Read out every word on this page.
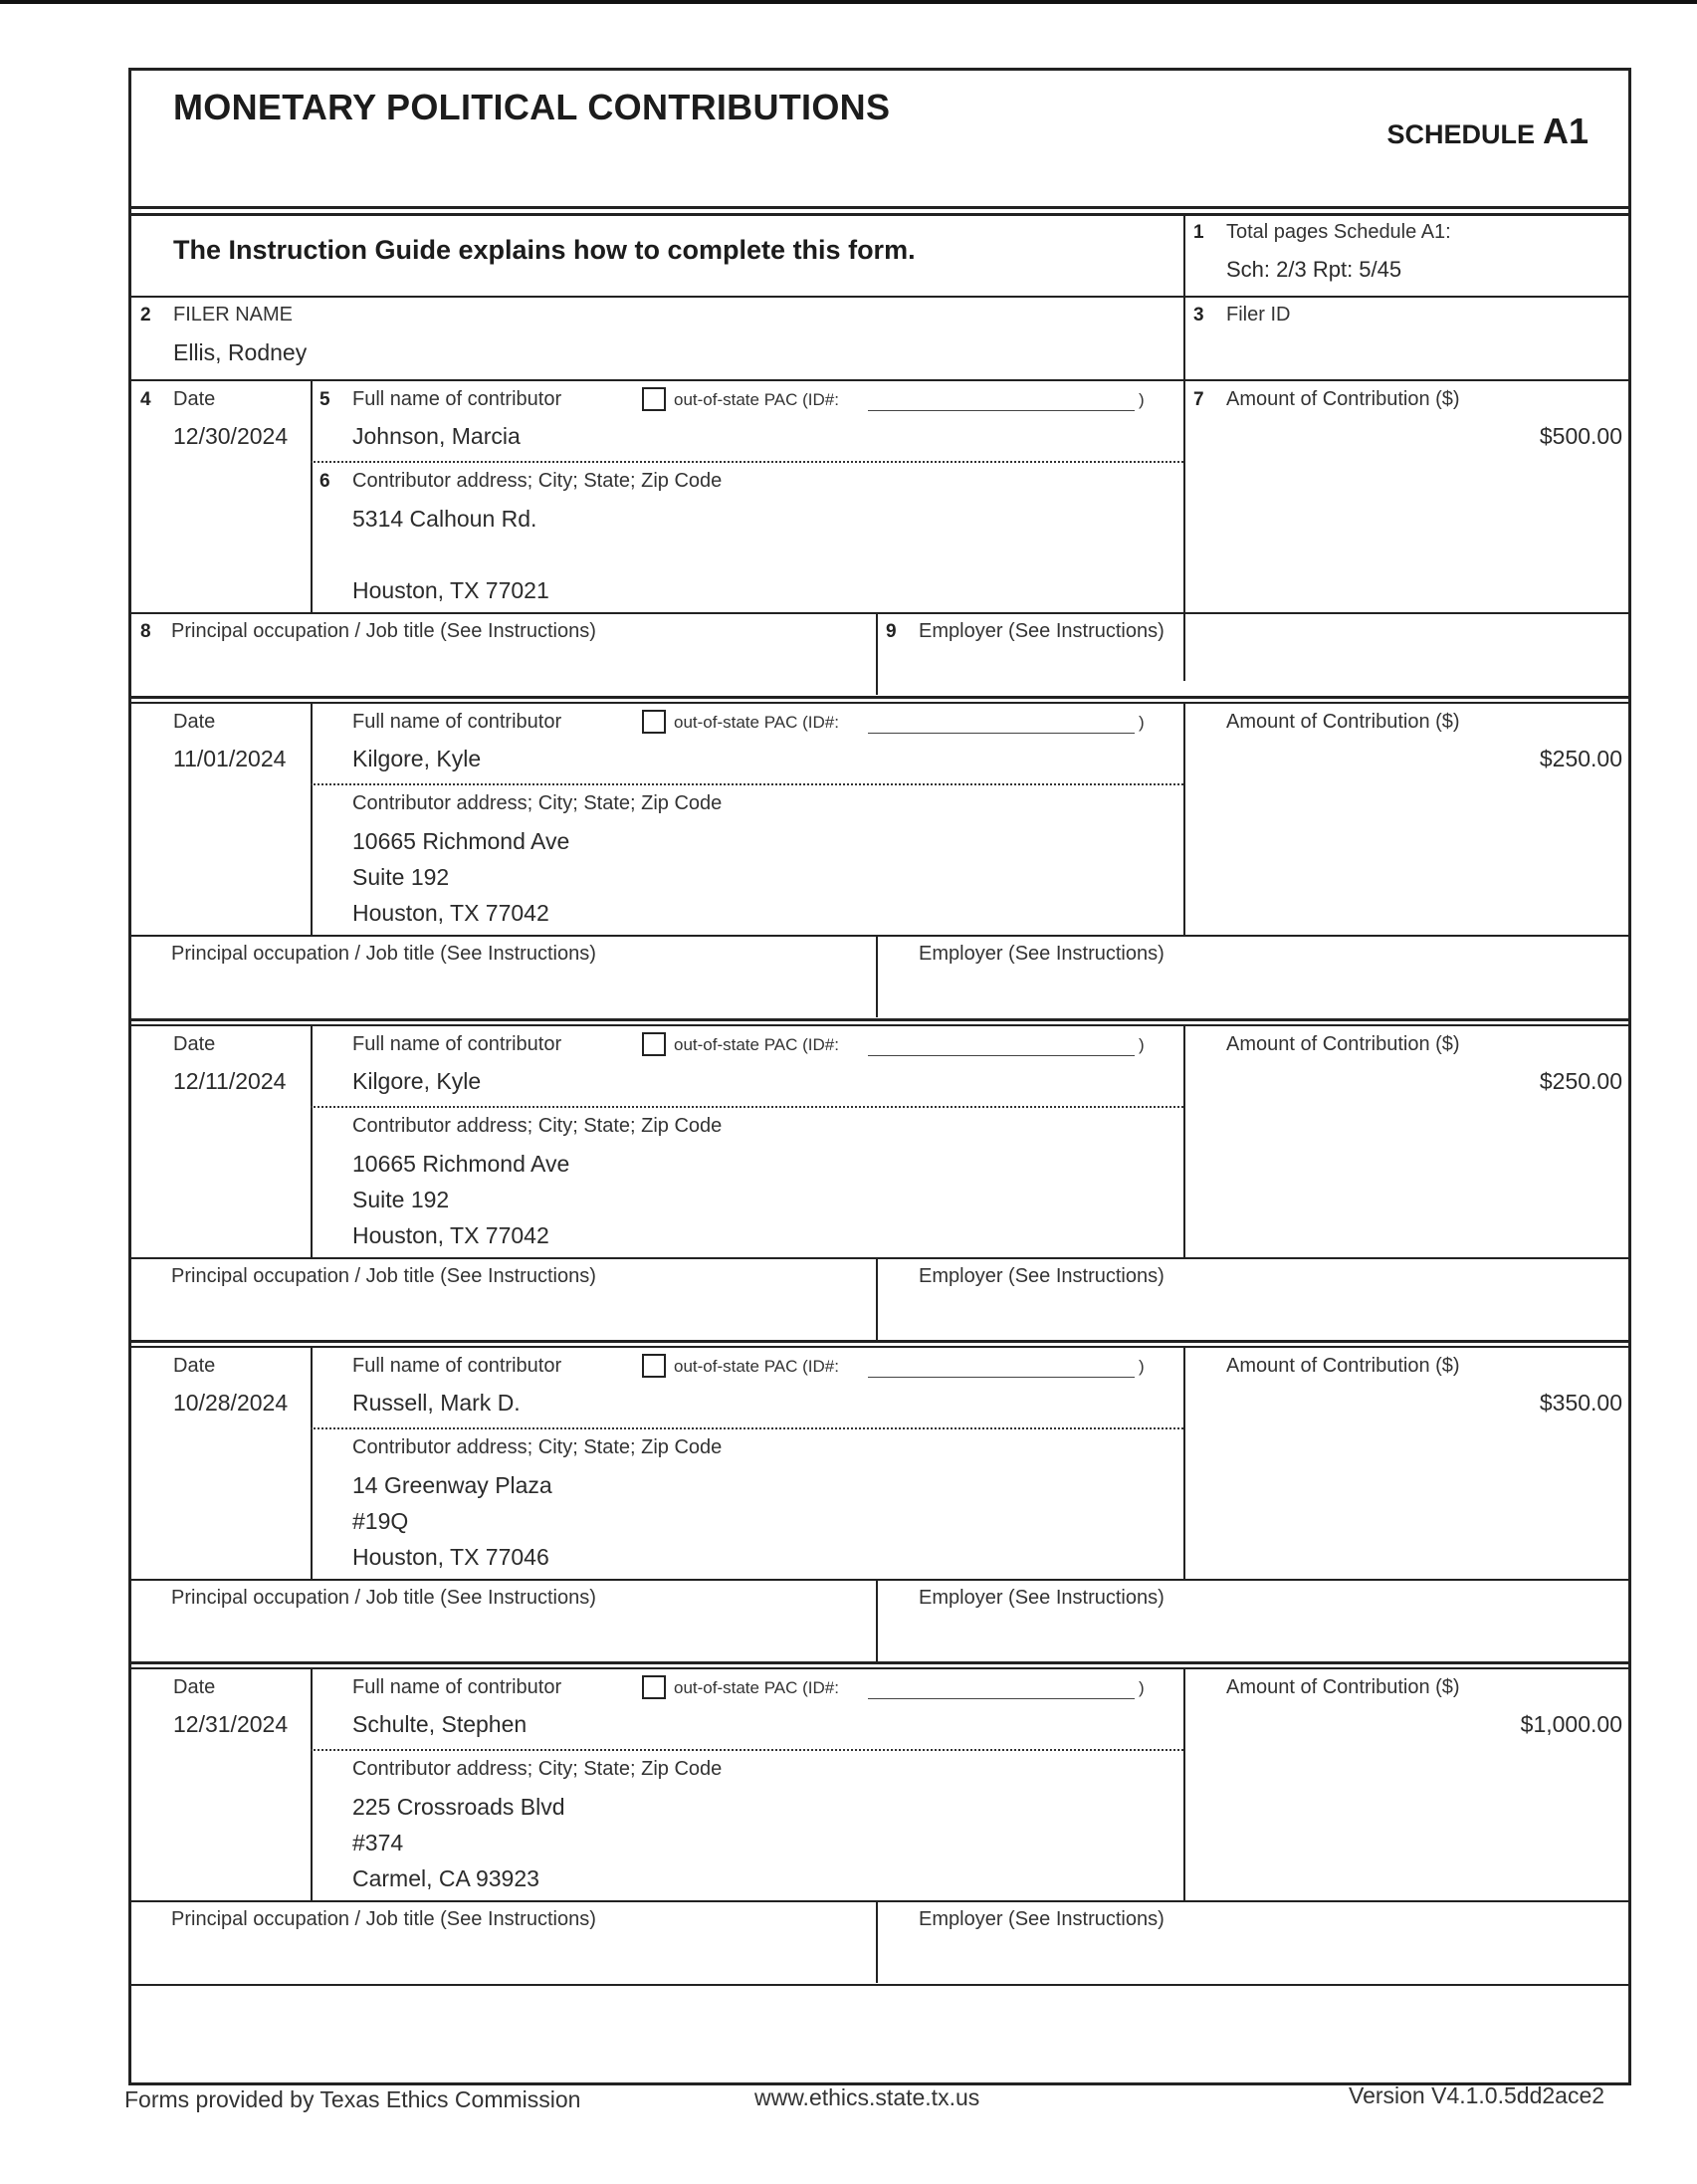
MONETARY POLITICAL CONTRIBUTIONS
SCHEDULE A1
The Instruction Guide explains how to complete this form.
1 Total pages Schedule A1:
Sch: 2/3 Rpt: 5/45
2 FILER NAME
Ellis, Rodney
3 Filer ID
4 Date
12/30/2024
5 Full name of contributor	out-of-state PAC (ID#:	)
Johnson, Marcia
6 Contributor address; City; State; Zip Code
5314 Calhoun Rd.
Houston, TX 77021
7 Amount of Contribution ($)
$500.00
8 Principal occupation / Job title (See Instructions)	9 Employer (See Instructions)
Date
11/01/2024
Full name of contributor	out-of-state PAC (ID#:	)
Kilgore, Kyle
Contributor address; City; State; Zip Code
10665 Richmond Ave
Suite 192
Houston, TX 77042
Amount of Contribution ($)
$250.00
Principal occupation / Job title (See Instructions)	Employer (See Instructions)
Date
12/11/2024
Full name of contributor	out-of-state PAC (ID#:	)
Kilgore, Kyle
Contributor address; City; State; Zip Code
10665 Richmond Ave
Suite 192
Houston, TX 77042
Amount of Contribution ($)
$250.00
Principal occupation / Job title (See Instructions)	Employer (See Instructions)
Date
10/28/2024
Full name of contributor	out-of-state PAC (ID#:	)
Russell, Mark D.
Contributor address; City; State; Zip Code
14 Greenway Plaza
#19Q
Houston, TX 77046
Amount of Contribution ($)
$350.00
Principal occupation / Job title (See Instructions)	Employer (See Instructions)
Date
12/31/2024
Full name of contributor	out-of-state PAC (ID#:	)
Schulte, Stephen
Contributor address; City; State; Zip Code
225 Crossroads Blvd
#374
Carmel, CA 93923
Amount of Contribution ($)
$1,000.00
Principal occupation / Job title (See Instructions)	Employer (See Instructions)
Forms provided by Texas Ethics Commission	www.ethics.state.tx.us	Version V4.1.0.5dd2ace2
